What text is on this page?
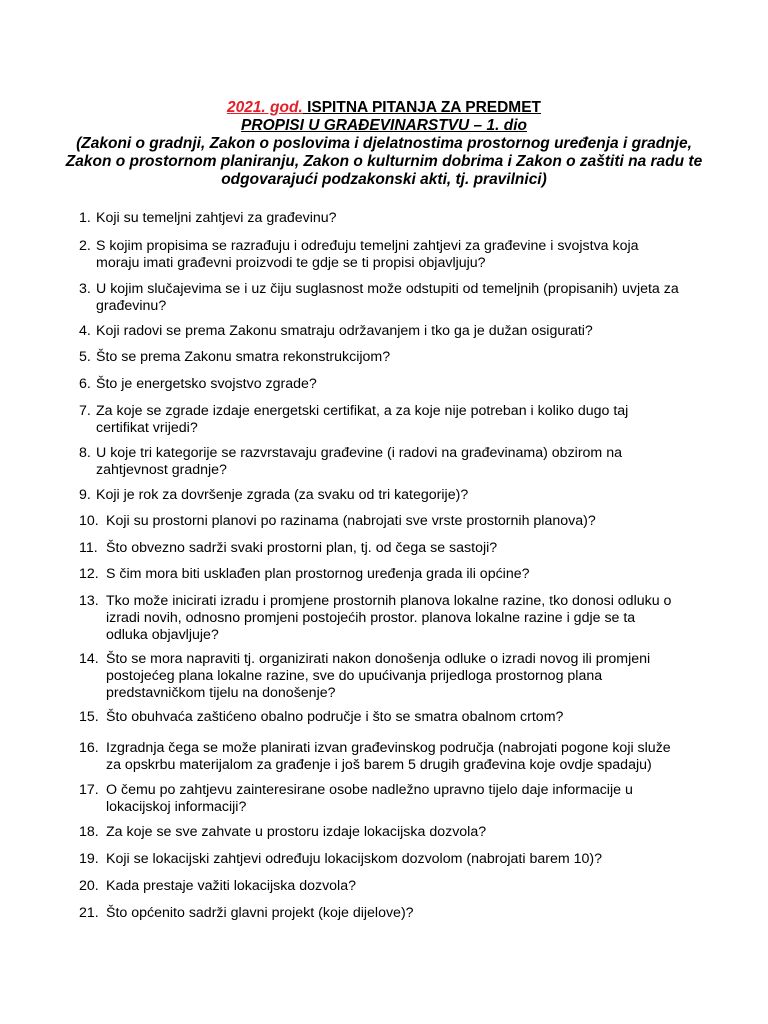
2021. god. ISPITNA PITANJA ZA PREDMET
PROPISI U GRAĐEVINARSTVU – 1. dio
(Zakoni o gradnji, Zakon o poslovima i djelatnostima prostornog uređenja i gradnje, Zakon o prostornom planiranju, Zakon o kulturnim dobrima i Zakon o zaštiti na radu te odgovarajući podzakonski akti, tj. pravilnici)
1. Koji su temeljni zahtjevi za građevinu?
2. S kojim propisima se razrađuju i određuju temeljni zahtjevi za građevine i svojstva koja moraju imati građevni proizvodi te gdje se ti propisi objavljuju?
3. U kojim slučajevima se i uz čiju suglasnost može odstupiti od temeljnih (propisanih) uvjeta za građevinu?
4. Koji radovi se prema Zakonu smatraju održavanjem i tko ga je dužan osigurati?
5. Što se prema Zakonu smatra rekonstrukcijom?
6. Što je energetsko svojstvo zgrade?
7. Za koje se zgrade izdaje energetski certifikat, a za koje nije potreban i koliko dugo taj certifikat vrijedi?
8. U koje tri kategorije se razvrstavaju građevine (i radovi na građevinama) obzirom na zahtjevnost gradnje?
9. Koji je rok za dovršenje zgrada (za svaku od tri kategorije)?
10. Koji su prostorni planovi po razinama (nabrojati sve vrste prostornih planova)?
11. Što obvezno sadrži svaki prostorni plan, tj. od čega se sastoji?
12. S čim mora biti usklađen plan prostornog uređenja grada ili općine?
13. Tko može inicirati izradu i promjene prostornih planova lokalne razine, tko donosi odluku o izradi novih, odnosno promjeni postojećih prostor. planova lokalne razine i gdje se ta odluka objavljuje?
14. Što se mora napraviti tj. organizirati nakon donošenja odluke o izradi novog ili promjeni postojećeg plana lokalne razine, sve do upućivanja prijedloga prostornog plana predstavničkom tijelu na donošenje?
15. Što obuhvaća zaštićeno obalno područje i što se smatra obalnom crtom?
16. Izgradnja čega se može planirati izvan građevinskog područja (nabrojati pogone koji služe za opskrbu materijalom za građenje i još barem 5 drugih građevina koje ovdje spadaju)
17. O čemu po zahtjevu zainteresirane osobe nadležno upravno tijelo daje informacije u lokacijskoj informaciji?
18. Za koje se sve zahvate u prostoru izdaje lokacijska dozvola?
19. Koji se lokacijski zahtjevi određuju lokacijskom dozvolom (nabrojati barem 10)?
20. Kada prestaje važiti lokacijska dozvola?
21. Što općenito sadrži glavni projekt (koje dijelove)?
